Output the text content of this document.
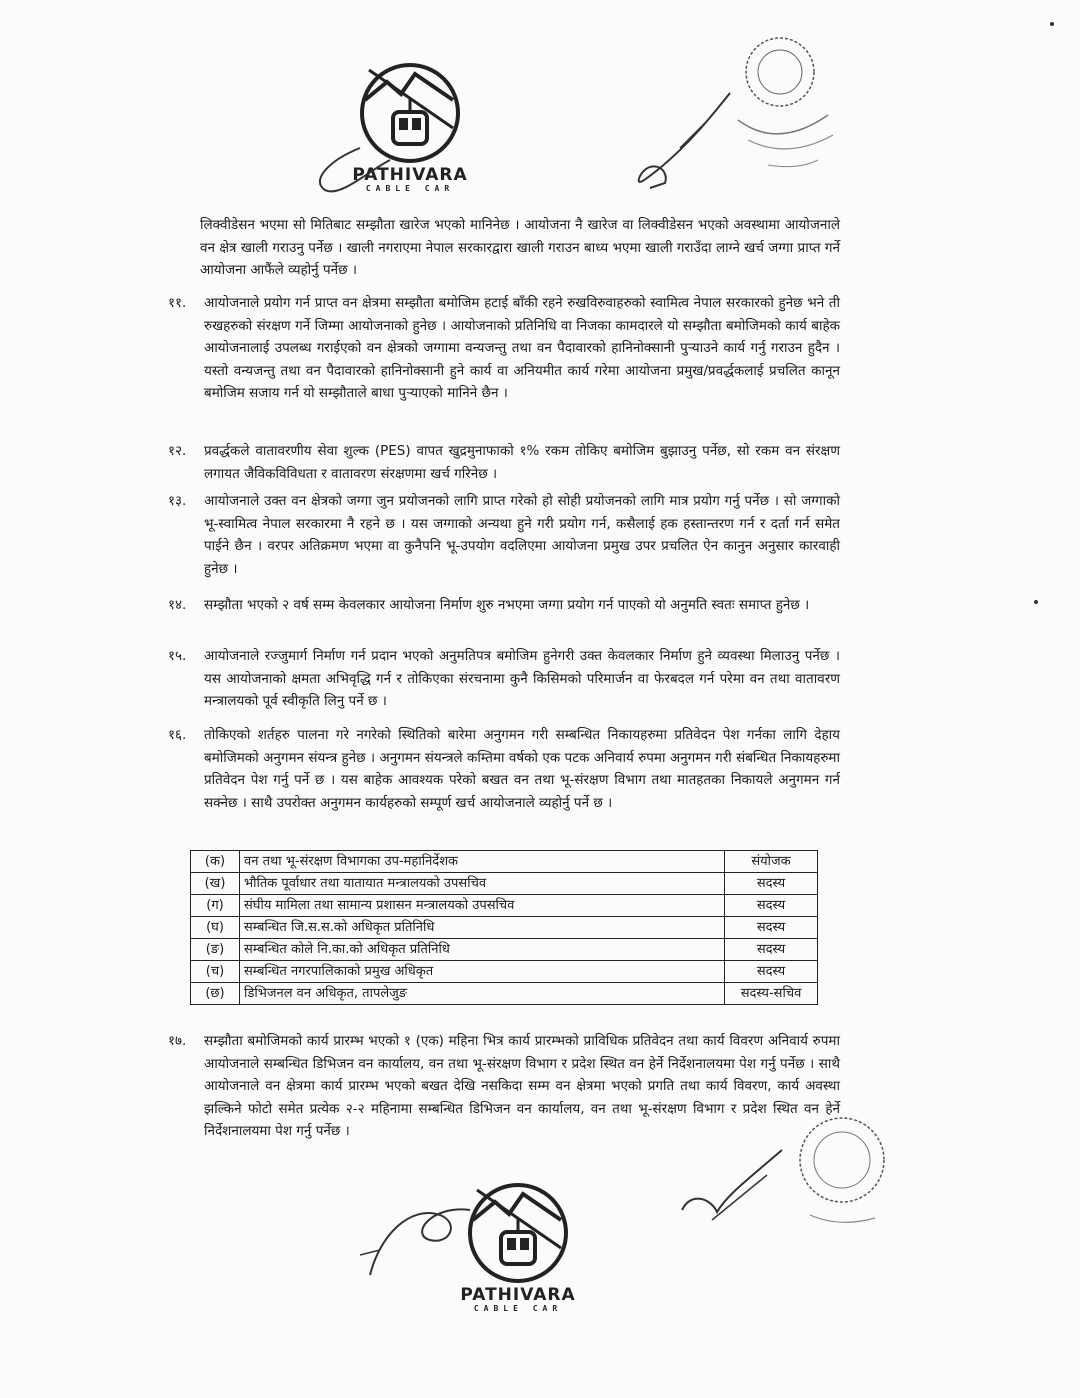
PATHIVARA
CABLE CAR
लिक्वीडेसन भएमा सो मितिबाट सम्झौता खारेज भएको मानिनेछ । आयोजना नै खारेज वा लिक्वीडेसन भएको अवस्थामा आयोजनाले वन क्षेत्र खाली गराउनु पर्नेछ । खाली नगराएमा नेपाल सरकारद्वारा खाली गराउन बाध्य भएमा खाली गराउँदा लाग्ने खर्च जग्गा प्राप्त गर्ने आयोजना आफैंले व्यहोर्नु पर्नेछ ।
११.	आयोजनाले प्रयोग गर्न प्राप्त वन क्षेत्रमा सम्झौता बमोजिम हटाई बाँकी रहने रुखविरुवाहरुको स्वामित्व नेपाल सरकारको हुनेछ भने ती रुखहरुको संरक्षण गर्ने जिम्मा आयोजनाको हुनेछ । आयोजनाको प्रतिनिधि वा निजका कामदारले यो सम्झौता बमोजिमको कार्य बाहेक आयोजनालाई उपलब्ध गराईएको वन क्षेत्रको जग्गामा वन्यजन्तु तथा वन पैदावारको हानिनोक्सानी पुऱ्याउने कार्य गर्नु गराउन हुदैन । यस्तो वन्यजन्तु तथा वन पैदावारको हानिनोक्सानी हुने कार्य वा अनियमीत कार्य गरेमा आयोजना प्रमुख/प्रवर्द्धकलाई प्रचलित कानून बमोजिम सजाय गर्न यो सम्झौताले बाधा पुऱ्याएको मानिने छैन ।
१२.	प्रवर्द्धकले वातावरणीय सेवा शुल्क (PES) वापत खुद्रमुनाफाको १% रकम तोकिए बमोजिम बुझाउनु पर्नेछ, सो रकम वन संरक्षण लगायत जैविकविविधता र वातावरण संरक्षणमा खर्च गरिनेछ ।
१३.	आयोजनाले उक्त वन क्षेत्रको जग्गा जुन प्रयोजनको लागि प्राप्त गरेको हो सोही प्रयोजनको लागि मात्र प्रयोग गर्नु पर्नेछ । सो जग्गाको भू-स्वामित्व नेपाल सरकारमा नै रहने छ । यस जग्गाको अन्यथा हुने गरी प्रयोग गर्न, कसैलाई हक हस्तान्तरण गर्न र दर्ता गर्न समेत पाईने छैन । वरपर अतिक्रमण भएमा वा कुनैपनि भू-उपयोग वदलिएमा आयोजना प्रमुख उपर प्रचलित ऐन कानुन अनुसार कारवाही हुनेछ ।
१४.	सम्झौता भएको २ वर्ष सम्म केवलकार आयोजना निर्माण शुरु नभएमा जग्गा प्रयोग गर्न पाएको यो अनुमति स्वतः समाप्त हुनेछ ।
१५.	आयोजनाले रज्जुमार्ग निर्माण गर्न प्रदान भएको अनुमतिपत्र बमोजिम हुनेगरी उक्त केवलकार निर्माण हुने व्यवस्था मिलाउनु पर्नेछ । यस आयोजनाको क्षमता अभिवृद्धि गर्न र तोकिएका संरचनामा कुनै किसिमको परिमार्जन वा फेरबदल गर्न परेमा वन तथा वातावरण मन्त्रालयको पूर्व स्वीकृति लिनु पर्ने छ ।
१६.	तोकिएको शर्तहरु पालना गरे नगरेको स्थितिको बारेमा अनुगमन गरी सम्बन्धित निकायहरुमा प्रतिवेदन पेश गर्नका लागि देहाय बमोजिमको अनुगमन संयन्त्र हुनेछ । अनुगमन संयन्त्रले कम्तिमा वर्षको एक पटक अनिवार्य रुपमा अनुगमन गरी संबन्धित निकायहरुमा प्रतिवेदन पेश गर्नु पर्ने छ । यस बाहेक आवश्यक परेको बखत वन तथा भू-संरक्षण विभाग तथा मातहतका निकायले अनुगमन गर्न सक्नेछ । साथै उपरोक्त अनुगमन कार्यहरुको सम्पूर्ण खर्च आयोजनाले व्यहोर्नु पर्ने छ ।
(क)	वन तथा भू-संरक्षण विभागका उप-महानिर्देशक	संयोजक
(ख)	भौतिक पूर्वाधार तथा यातायात मन्त्रालयको उपसचिव	सदस्य
(ग)	संघीय मामिला तथा सामान्य प्रशासन मन्त्रालयको उपसचिव	सदस्य
(घ)	सम्बन्धित जि.स.स.को अधिकृत प्रतिनिधि	सदस्य
(ङ)	सम्बन्धित कोले नि.का.को अधिकृत प्रतिनिधि	सदस्य
(च)	सम्बन्धित नगरपालिकाको प्रमुख अधिकृत	सदस्य
(छ)	डिभिजनल वन अधिकृत, तापलेजुङ	सदस्य-सचिव
१७.	सम्झौता बमोजिमको कार्य प्रारम्भ भएको १ (एक) महिना भित्र कार्य प्रारम्भको प्राविधिक प्रतिवेदन तथा कार्य विवरण अनिवार्य रुपमा आयोजनाले सम्बन्धित डिभिजन वन कार्यालय, वन तथा भू-संरक्षण विभाग र प्रदेश स्थित वन हेर्ने निर्देशनालयमा पेश गर्नु पर्नेछ । साथै आयोजनाले वन क्षेत्रमा कार्य प्रारम्भ भएको बखत देखि नसकिदा सम्म वन क्षेत्रमा भएको प्रगति तथा कार्य विवरण, कार्य अवस्था झल्किने फोटो समेत प्रत्येक २-२ महिनामा सम्बन्धित डिभिजन वन कार्यालय, वन तथा भू-संरक्षण विभाग र प्रदेश स्थित वन हेर्ने निर्देशनालयमा पेश गर्नु पर्नेछ ।
PATHIVARA
CABLE CAR
